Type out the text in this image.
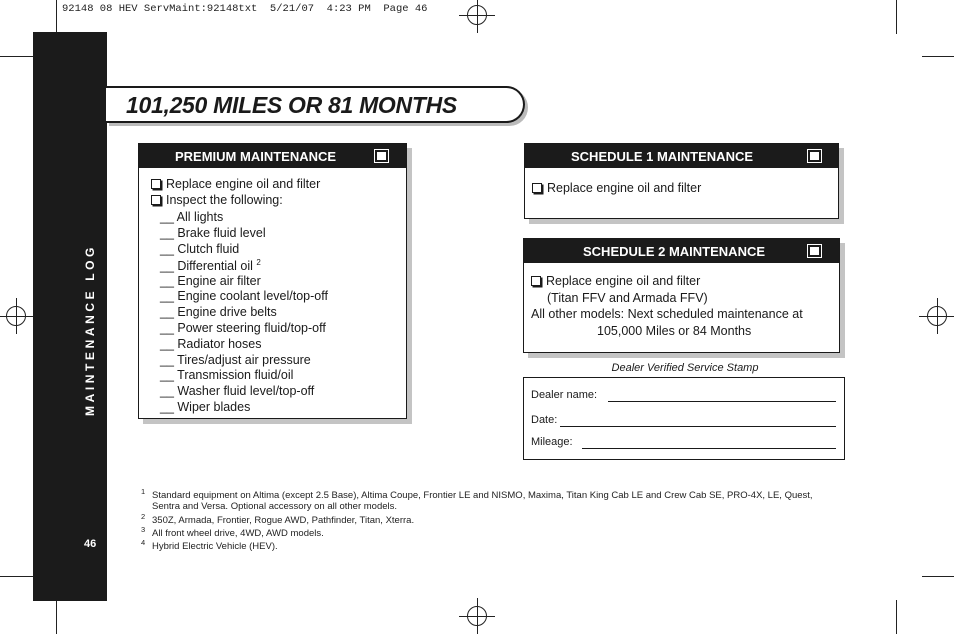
92148 08 HEV ServMaint:92148txt  5/21/07  4:23 PM  Page 46
MAINTENANCE LOG
46
101,250 MILES OR 81 MONTHS
PREMIUM MAINTENANCE
Replace engine oil and filter
Inspect the following:
__ All lights
__ Brake fluid level
__ Clutch fluid
__ Differential oil $^2$
__ Engine air filter
__ Engine coolant level/top-off
__ Engine drive belts
__ Power steering fluid/top-off
__ Radiator hoses
__ Tires/adjust air pressure
__ Transmission fluid/oil
__ Washer fluid level/top-off
__ Wiper blades
SCHEDULE 1 MAINTENANCE
Replace engine oil and filter
SCHEDULE 2 MAINTENANCE
Replace engine oil and filter
(Titan FFV and Armada FFV)
All other models: Next scheduled maintenance at
105,000 Miles or 84 Months
Dealer Verified Service Stamp
Dealer name:
Date:
Mileage:
1 Standard equipment on Altima (except 2.5 Base), Altima Coupe, Frontier LE and NISMO, Maxima, Titan King Cab LE and Crew Cab SE, PRO-4X, LE, Quest, Sentra and Versa. Optional accessory on all other models.
2 350Z, Armada, Frontier, Rogue AWD, Pathfinder, Titan, Xterra.
3 All front wheel drive, 4WD, AWD models.
4 Hybrid Electric Vehicle (HEV).
